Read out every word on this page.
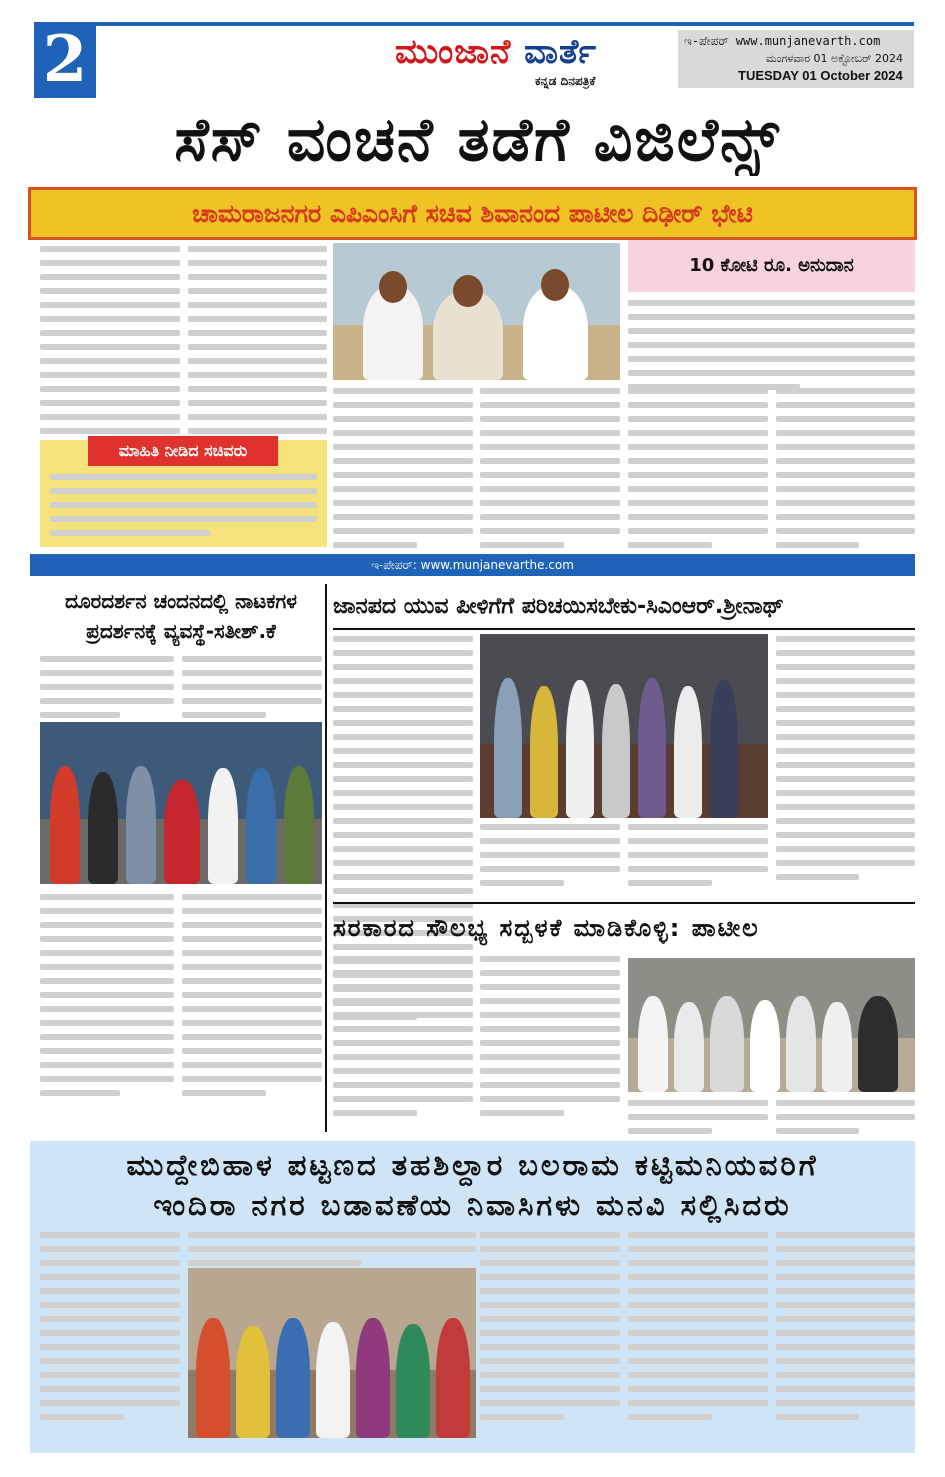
2	ಮುಂಜಾನೆ ವಾರ್ತೆ
ಕನ್ನಡ ದಿನಪತ್ರಿಕೆ
ಇ-ಪೇಪರ್ www.munjanevarth.com
ಮಂಗಳವಾರ 01 ಅಕ್ಟೋಬರ್ 2024
TUESDAY 01 October 2024
ಸೆಸ್ ವಂಚನೆ ತಡೆಗೆ ವಿಜಿಲೆನ್ಸ್
ಚಾಮರಾಜನಗರ ಎಪಿಎಂಸಿಗೆ ಸಚಿವ ಶಿವಾನಂದ ಪಾಟೀಲ ದಿಢೀರ್ ಭೇಟಿ
10 ಕೋಟಿ ರೂ. ಅನುದಾನ
ಮಾಹಿತಿ ನೀಡಿದ ಸಚಿವರು
ಇ-ಪೇಪರ್: www.munjanevarthe.com
ದೂರದರ್ಶನ ಚಂದನದಲ್ಲಿ ನಾಟಕಗಳ ಪ್ರದರ್ಶನಕ್ಕೆ ವ್ಯವಸ್ಥೆ-ಸತೀಶ್.ಕೆ
ಜಾನಪದ ಯುವ ಪೀಳಿಗೆಗೆ ಪರಿಚಯಿಸಬೇಕು-ಸಿಎಂಆರ್.ಶ್ರೀನಾಥ್
ಸರಕಾರದ ಸೌಲಭ್ಯ ಸದ್ಬಳಕೆ ಮಾಡಿಕೊಳ್ಳಿ: ಪಾಟೀಲ
ಮುದ್ದೇಬಿಹಾಳ ಪಟ್ಟಣದ ತಹಶಿಲ್ದಾರ ಬಲರಾಮ ಕಟ್ಟಿಮನಿಯವರಿಗೆ
ಇಂದಿರಾ ನಗರ ಬಡಾವಣೆಯ ನಿವಾಸಿಗಳು ಮನವಿ ಸಲ್ಲಿಸಿದರು
